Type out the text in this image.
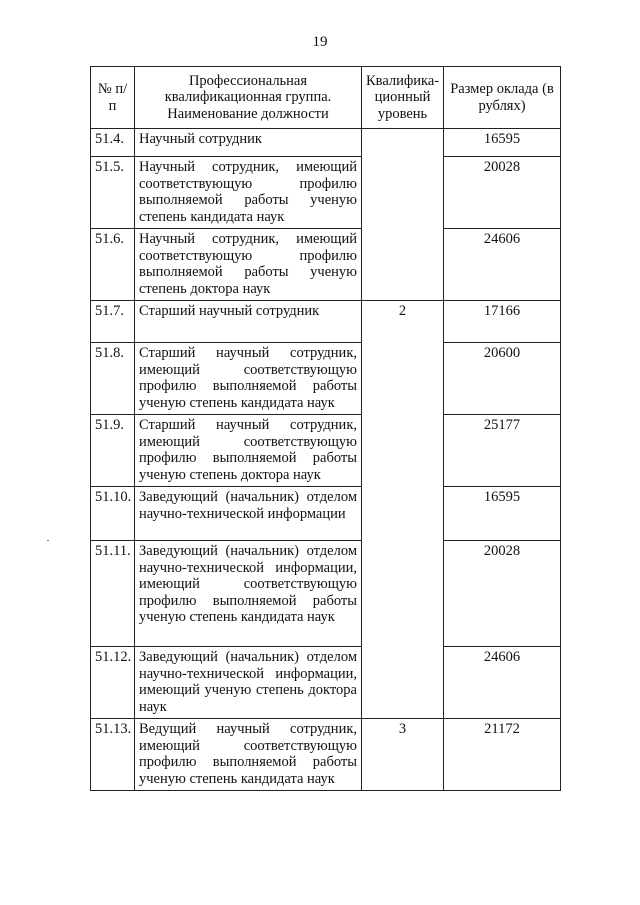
19
№ п/п	Профессиональная квалификационная группа. Наименование должности	Квалифика-ционный уровень	Размер оклада (в рублях)
51.4.	Научный сотрудник		16595
51.5.	Научный сотрудник, имеющий соответствующую профилю выполняемой работы ученую степень кандидата наук		20028
51.6.	Научный сотрудник, имеющий соответствующую профилю выполняемой работы ученую степень доктора наук		24606
51.7.	Старший научный сотрудник	2	17166
51.8.	Старший научный сотрудник, имеющий соответствующую профилю выполняемой работы ученую степень кандидата наук		20600
51.9.	Старший научный сотрудник, имеющий соответствующую профилю выполняемой работы ученую степень доктора наук		25177
51.10.	Заведующий (начальник) отделом научно-технической информации		16595
51.11.	Заведующий (начальник) отделом научно-технической информации, имеющий соответствующую профилю выполняемой работы ученую степень кандидата наук		20028
51.12.	Заведующий (начальник) отделом научно-технической информации, имеющий ученую степень доктора наук		24606
51.13.	Ведущий научный сотрудник, имеющий соответствующую профилю выполняемой работы ученую степень кандидата наук	3	21172
